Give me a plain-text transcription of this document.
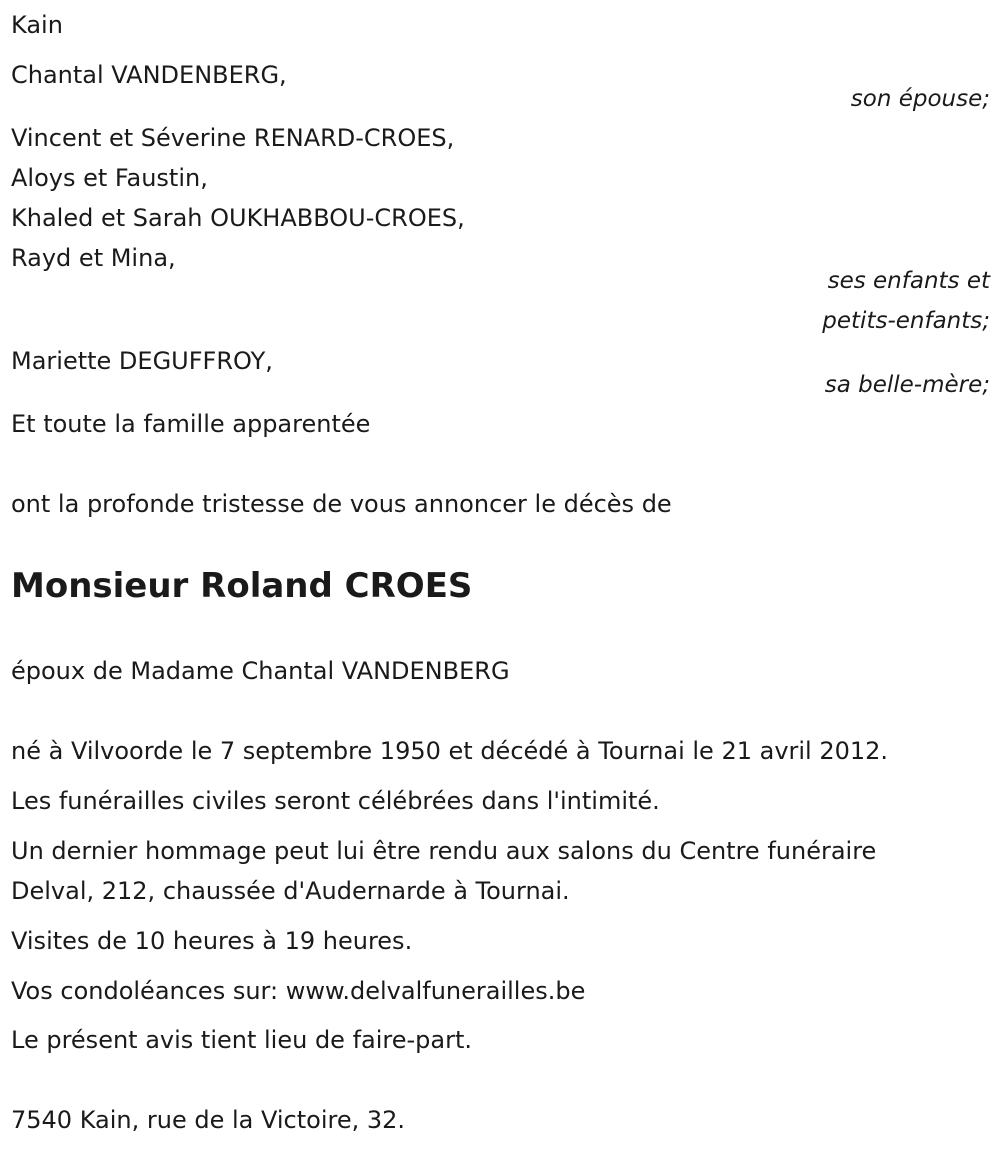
Kain
Chantal VANDENBERG,
son épouse;
Vincent et Séverine RENARD-CROES,
Aloys et Faustin,
Khaled et Sarah OUKHABBOU-CROES,
Rayd et Mina,
ses enfants et
petits-enfants;
Mariette DEGUFFROY,
sa belle-mère;
Et toute la famille apparentée
ont la profonde tristesse de vous annoncer le décès de
Monsieur Roland CROES
époux de Madame Chantal VANDENBERG
né à Vilvoorde le 7 septembre 1950 et décédé à Tournai le 21 avril 2012.
Les funérailles civiles seront célébrées dans l'intimité.
Un dernier hommage peut lui être rendu aux salons du Centre funéraire
Delval, 212, chaussée d'Audernarde à Tournai.
Visites de 10 heures à 19 heures.
Vos condoléances sur: www.delvalfunerailles.be
Le présent avis tient lieu de faire-part.
7540 Kain, rue de la Victoire, 32.
